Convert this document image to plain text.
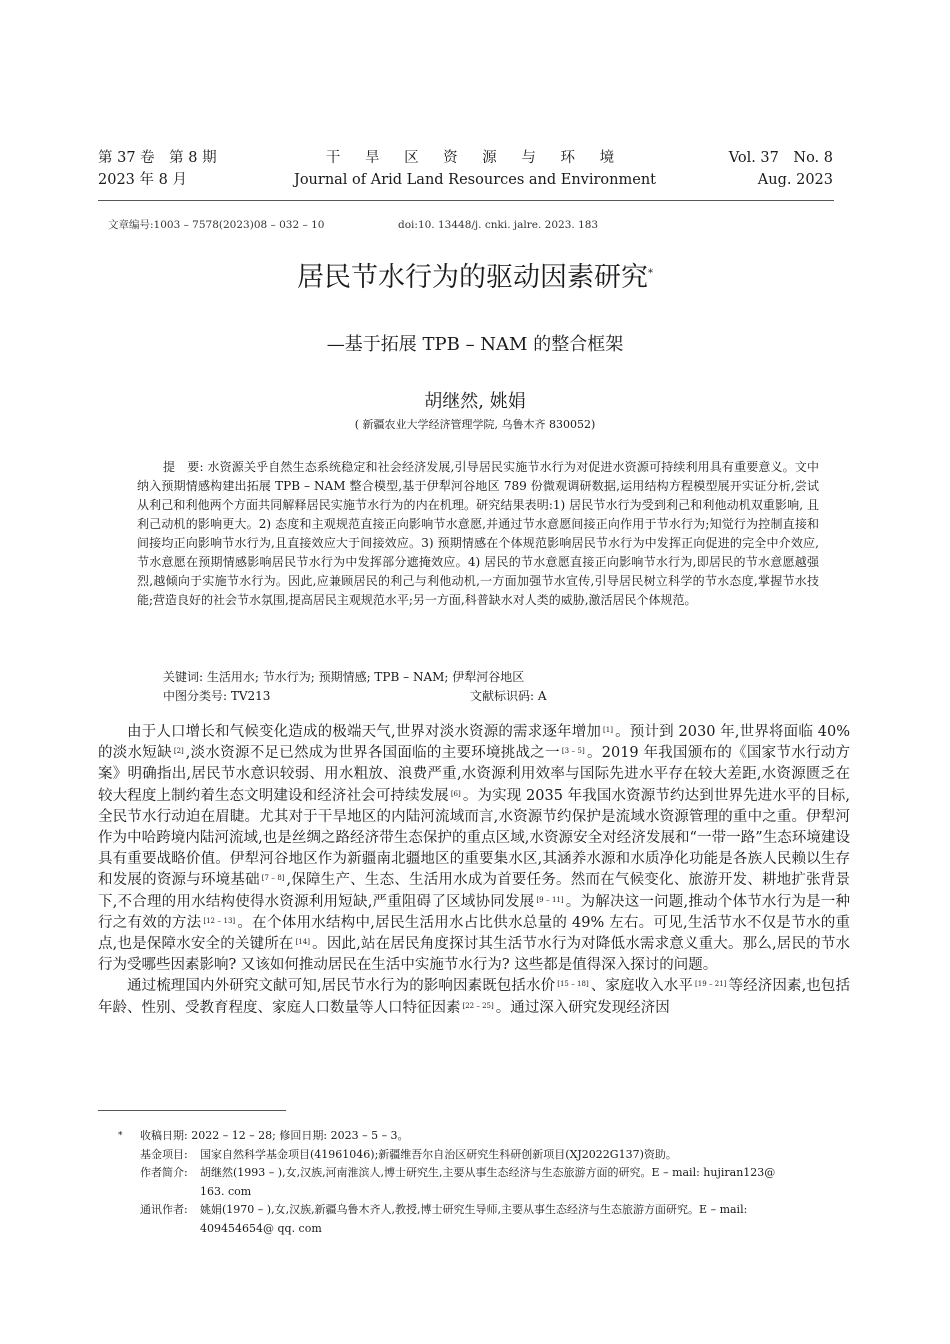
第 37 卷　第 8 期
2023 年 8 月
干 旱 区 资 源 与 环 境
Journal of Arid Land Resources and Environment
Vol. 37　No. 8
Aug. 2023
文章编号:1003 – 7578(2023)08 – 032 – 10	doi:10. 13448/j. cnki. jalre. 2023. 183
居民节水行为的驱动因素研究*
—基于拓展 TPB – NAM 的整合框架
胡继然, 姚娟
( 新疆农业大学经济管理学院, 乌鲁木齐 830052)
提　要: 水资源关乎自然生态系统稳定和社会经济发展,引导居民实施节水行为对促进水资源可持续利用具有重要意义。文中纳入预期情感构建出拓展 TPB – NAM 整合模型,基于伊犁河谷地区 789 份微观调研数据,运用结构方程模型展开实证分析,尝试从利己和利他两个方面共同解释居民实施节水行为的内在机理。研究结果表明:1) 居民节水行为受到利己和利他动机双重影响, 且利己动机的影响更大。2) 态度和主观规范直接正向影响节水意愿,并通过节水意愿间接正向作用于节水行为;知觉行为控制直接和间接均正向影响节水行为,且直接效应大于间接效应。3) 预期情感在个体规范影响居民节水行为中发挥正向促进的完全中介效应,节水意愿在预期情感影响居民节水行为中发挥部分遮掩效应。4) 居民的节水意愿直接正向影响节水行为,即居民的节水意愿越强烈,越倾向于实施节水行为。因此,应兼顾居民的利己与利他动机,一方面加强节水宣传,引导居民树立科学的节水态度,掌握节水技能;营造良好的社会节水氛围,提高居民主观规范水平;另一方面,科普缺水对人类的威胁,激活居民个体规范。
关键词: 生活用水; 节水行为; 预期情感; TPB – NAM; 伊犁河谷地区
中图分类号: TV213	文献标识码: A

由于人口增长和气候变化造成的极端天气,世界对淡水资源的需求逐年增加 [1] 。预计到 2030 年,世界将面临 40% 的淡水短缺 [2] ,淡水资源不足已然成为世界各国面临的主要环境挑战之一 [3 – 5] 。2019 年我国颁布的《国家节水行动方案》明确指出,居民节水意识较弱、用水粗放、浪费严重,水资源利用效率与国际先进水平存在较大差距,水资源匮乏在较大程度上制约着生态文明建设和经济社会可持续发展 [6] 。为实现 2035 年我国水资源节约达到世界先进水平的目标,全民节水行动迫在眉睫。尤其对于干旱地区的内陆河流域而言,水资源节约保护是流域水资源管理的重中之重。伊犁河作为中哈跨境内陆河流域,也是丝绸之路经济带生态保护的重点区域,水资源安全对经济发展和“一带一路”生态环境建设具有重要战略价值。伊犁河谷地区作为新疆南北疆地区的重要集水区,其涵养水源和水质净化功能是各族人民赖以生存和发展的资源与环境基础 [7 – 8] ,保障生产、生态、生活用水成为首要任务。然而在气候变化、旅游开发、耕地扩张背景下,不合理的用水结构使得水资源利用短缺,严重阻碍了区域协同发展 [9 – 11] 。为解决这一问题,推动个体节水行为是一种行之有效的方法 [12 – 13] 。在个体用水结构中,居民生活用水占比供水总量的 49% 左右。可见,生活节水不仅是节水的重点,也是保障水安全的关键所在 [14] 。因此,站在居民角度探讨其生活节水行为对降低水需求意义重大。那么,居民的节水行为受哪些因素影响? 又该如何推动居民在生活中实施节水行为? 这些都是值得深入探讨的问题。

通过梳理国内外研究文献可知,居民节水行为的影响因素既包括水价 [15 – 18] 、家庭收入水平 [19 – 21] 等经济因素,也包括年龄、性别、受教育程度、家庭人口数量等人口特征因素 [22 – 25] 。通过深入研究发现经济因

*	收稿日期: 2022 – 12 – 28; 修回日期: 2023 – 5 – 3。
基金项目:	国家自然科学基金项目(41961046);新疆维吾尔自治区研究生科研创新项目(XJ2022G137)资助。
作者简介:	胡继然(1993 – ),女,汉族,河南淮滨人,博士研究生,主要从事生态经济与生态旅游方面的研究。E – mail: hujiran123@
163. com
通讯作者:	姚娟(1970 – ),女,汉族,新疆乌鲁木齐人,教授,博士研究生导师,主要从事生态经济与生态旅游方面研究。E – mail:
409454654@ qq. com
